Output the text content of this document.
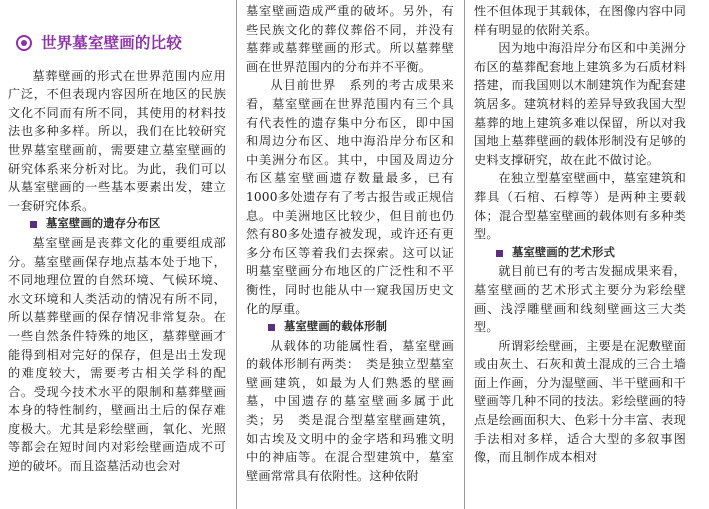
世界墓室壁画的比较

墓葬壁画的形式在世界范围内应用广泛，不但表现内容因所在地区的民族文化不同而有所不同，其使用的材料技法也多种多样。所以，我们在比较研究世界墓室壁画前，需要建立墓室壁画的研究体系来分析对比。为此，我们可以从墓室壁画的一些基本要素出发，建立一套研究体系。

墓室壁画的遗存分布区

墓室壁画是丧葬文化的重要组成部分。墓室壁画保存地点基本处于地下，不同地理位置的自然环境、气候环境、水文环境和人类活动的情况有所不同，所以墓葬壁画的保存情况非常复杂。在一些自然条件特殊的地区，墓葬壁画才能得到相对完好的保存，但是出土发现的难度较大，需要考古相关学科的配合。受现今技术水平的限制和墓葬壁画本身的特性制约，壁画出土后的保存难度极大。尤其是彩绘壁画，氧化、光照等都会在短时间内对彩绘壁画造成不可逆的破坏。而且盗墓活动也会对

墓室壁画造成严重的破坏。另外，有些民族文化的葬仪葬俗不同，并没有墓葬或墓葬壁画的形式。所以墓葬壁画在世界范围内的分布并不平衡。

从目前世界　系列的考古成果来看，墓室壁画在世界范围内有三个具有代表性的遗存集中分布区，即中国和周边分布区、地中海沿岸分布区和中美洲分布区。其中，中国及周边分布区墓室壁画遗存数量最多，已有1000多处遗存有了考古报告或正规信息。中美洲地区比较少，但目前也仍然有80多处遗存被发现，或许还有更多分布区等着我们去探索。这可以证明墓室壁画分布地区的广泛性和不平衡性，同时也能从中一窥我国历史文化的厚重。

墓室壁画的载体形制

从载体的功能属性看，墓室壁画的载体形制有两类：　类是独立型墓室壁画建筑，如最为人们熟悉的壁画墓，中国遗存的墓室壁画多属于此类；另　类是混合型墓室壁画建筑，如古埃及文明中的金字塔和玛雅文明中的神庙等。在混合型建筑中，墓室壁画常常具有依附性。这种依附

性不但体现于其载体，在图像内容中同样有明显的依附关系。

因为地中海沿岸分布区和中美洲分布区的墓葬配套地上建筑多为石质材料搭建，而我国则以木制建筑作为配套建筑居多。建筑材料的差异导致我国大型墓葬的地上建筑多难以保留，所以对我国地上墓葬壁画的载体形制没有足够的史料支撑研究，故在此不做讨论。

在独立型墓室壁画中，墓室建筑和葬具（石棺、石椁等）是两种主要载体；混合型墓室壁画的载体则有多种类型。

墓室壁画的艺术形式

就目前已有的考古发掘成果来看，墓室壁画的艺术形式主要分为彩绘壁画、浅浮雕壁画和线刻壁画这三大类型。

所谓彩绘壁画，主要是在泥敷壁面或由灰土、石灰和黄土混成的三合土墙面上作画，分为湿壁画、半干壁画和干壁画等几种不同的技法。彩绘壁画的特点是绘画面积大、色彩十分丰富、表现手法相对多样，适合大型的多叙事图像，而且制作成本相对
